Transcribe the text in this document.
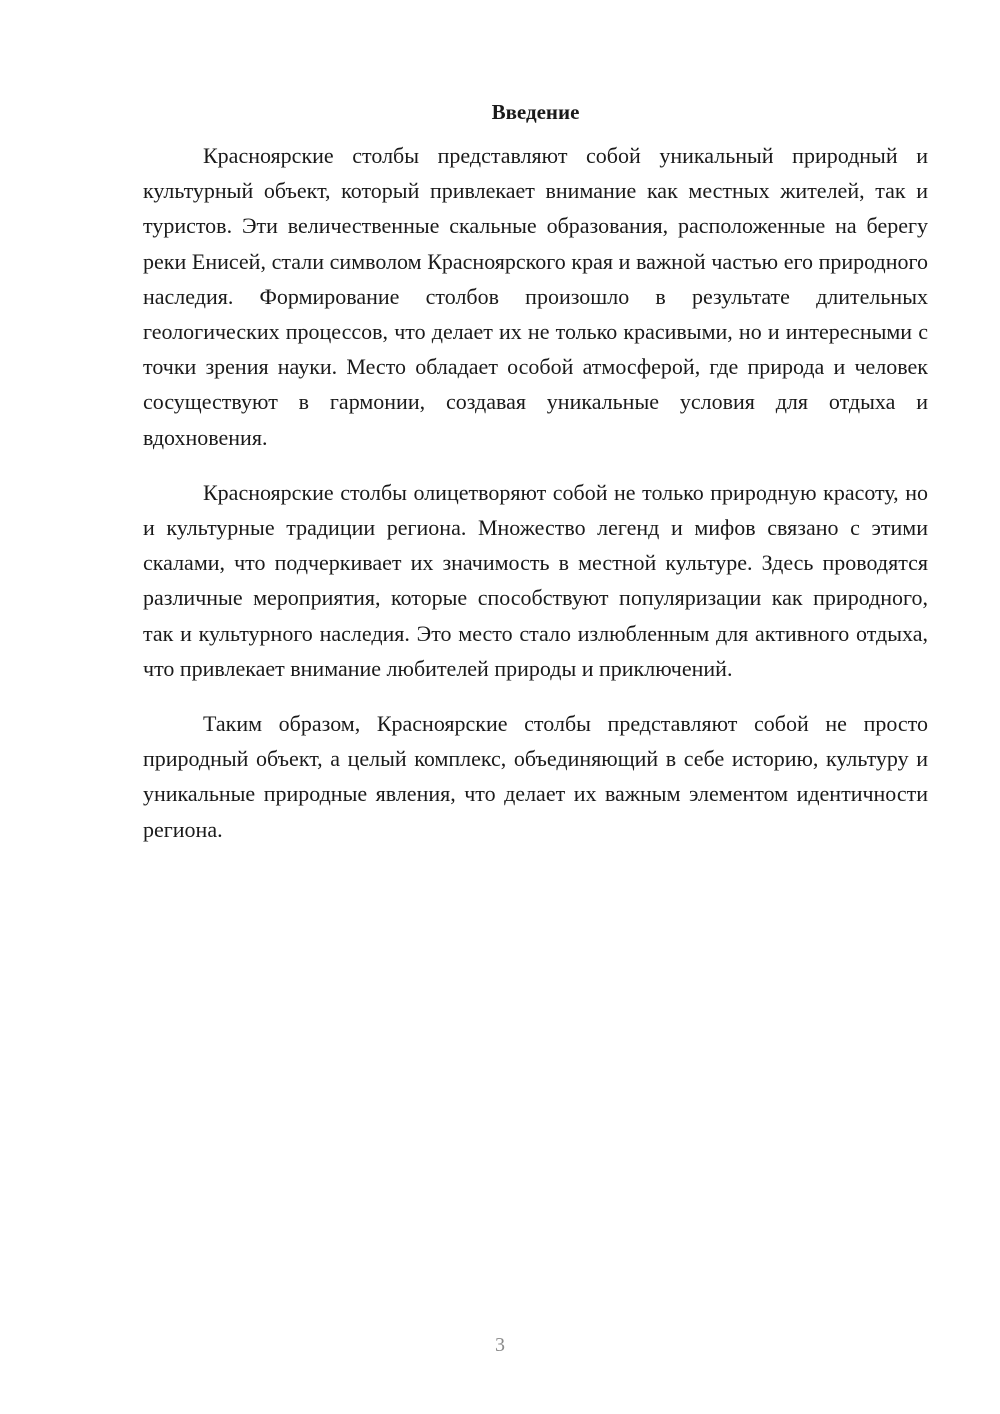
Введение

Красноярские столбы представляют собой уникальный природный и культурный объект, который привлекает внимание как местных жителей, так и туристов. Эти величественные скальные образования, расположенные на берегу реки Енисей, стали символом Красноярского края и важной частью его природного наследия. Формирование столбов произошло в результате длительных геологических процессов, что делает их не только красивыми, но и интересными с точки зрения науки. Место обладает особой атмосферой, где природа и человек сосуществуют в гармонии, создавая уникальные условия для отдыха и вдохновения.

Красноярские столбы олицетворяют собой не только природную красоту, но и культурные традиции региона. Множество легенд и мифов связано с этими скалами, что подчеркивает их значимость в местной культуре. Здесь проводятся различные мероприятия, которые способствуют популяризации как природного, так и культурного наследия. Это место стало излюбленным для активного отдыха, что привлекает внимание любителей природы и приключений.

Таким образом, Красноярские столбы представляют собой не просто природный объект, а целый комплекс, объединяющий в себе историю, культуру и уникальные природные явления, что делает их важным элементом идентичности региона.

3
